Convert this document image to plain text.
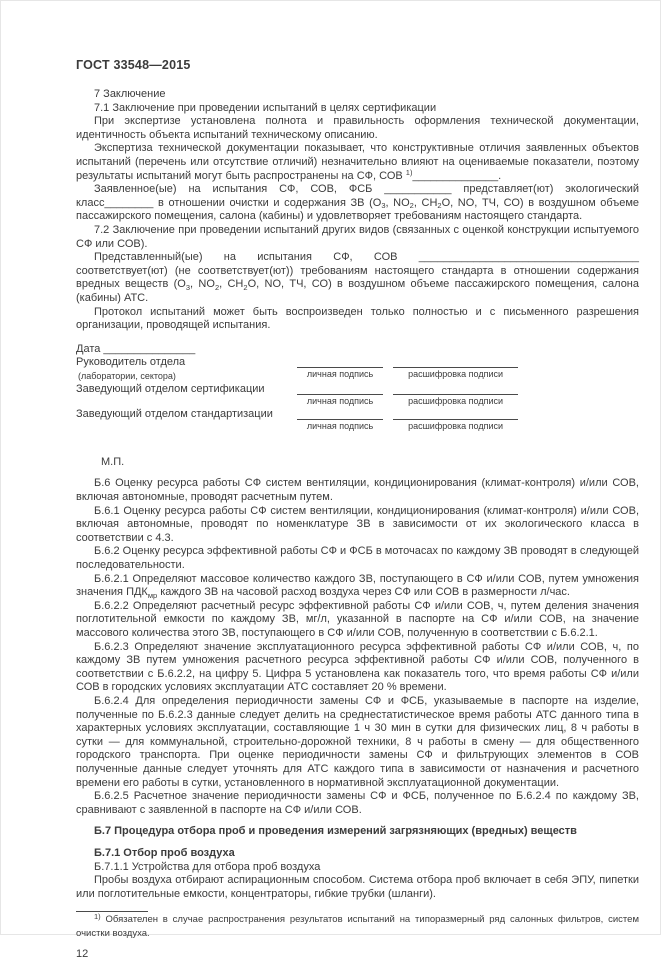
ГОСТ 33548—2015

7 Заключение

7.1 Заключение при проведении испытаний в целях сертификации

При экспертизе установлена полнота и правильность оформления технической документации, идентичность объекта испытаний техническому описанию.

Экспертиза технической документации показывает, что конструктивные отличия заявленных объектов испытаний (перечень или отсутствие отличий) незначительно влияют на оцениваемые показатели, поэтому результаты испытаний могут быть распространены на СФ, СОВ $^{1)}$______________.

Заявленное(ые) на испытания СФ, СОВ, ФСБ ___________ представляет(ют) экологический класс________ в отношении очистки и содержания ЗВ ($О_3$, $NO_2$, $СН_2О$, NO, ТЧ, СО) в воздушном объеме пассажирского помещения, салона (кабины) и удовлетворяет требованиям настоящего стандарта.

7.2 Заключение при проведении испытаний других видов (связанных с оценкой конструкции испытуемого СФ или СОВ).

Представленный(ые) на испытания СФ, СОВ ____________________________________ соответствует(ют) (не соответствует(ют)) требованиям настоящего стандарта в отношении содержания вредных веществ ($О_3$, $NO_2$, $СН_2О$, NO, ТЧ, СО) в воздушном объеме пассажирского помещения, салона (кабины) АТС.

Протокол испытаний может быть воспроизведен только полностью и с письменного разрешения организации, проводящей испытания.

Дата _______________
Руководитель отдела
(лаборатории, сектора)	личная подпись	расшифровка подписи
Заведующий отделом сертификации
личная подпись	расшифровка подписи
Заведующий отделом стандартизации
личная подпись	расшифровка подписи

М.П.

Б.6 Оценку ресурса работы СФ систем вентиляции, кондиционирования (климат-контроля) и/или СОВ, включая автономные, проводят расчетным путем.

Б.6.1 Оценку ресурса работы СФ систем вентиляции, кондиционирования (климат-контроля) и/или СОВ, включая автономные, проводят по номенклатуре ЗВ в зависимости от их экологического класса в соответствии с 4.3.

Б.6.2 Оценку ресурса эффективной работы СФ и ФСБ в моточасах по каждому ЗВ проводят в следующей последовательности.

Б.6.2.1 Определяют массовое количество каждого ЗВ, поступающего в СФ и/или СОВ, путем умножения значения $ПДК_{мр}$ каждого ЗВ на часовой расход воздуха через СФ или СОВ в размерности л/час.

Б.6.2.2 Определяют расчетный ресурс эффективной работы СФ и/или СОВ, ч, путем деления значения поглотительной емкости по каждому ЗВ, мг/л, указанной в паспорте на СФ и/или СОВ, на значение массового количества этого ЗВ, поступающего в СФ и/или СОВ, полученную в соответствии с Б.6.2.1.

Б.6.2.3 Определяют значение эксплуатационного ресурса эффективной работы СФ и/или СОВ, ч, по каждому ЗВ путем умножения расчетного ресурса эффективной работы СФ и/или СОВ, полученного в соответствии с Б.6.2.2, на цифру 5. Цифра 5 установлена как показатель того, что время работы СФ и/или СОВ в городских условиях эксплуатации АТС составляет 20 % времени.

Б.6.2.4 Для определения периодичности замены СФ и ФСБ, указываемые в паспорте на изделие, полученные по Б.6.2.3 данные следует делить на среднестатистическое время работы АТС данного типа в характерных условиях эксплуатации, составляющие 1 ч 30 мин в сутки для физических лиц, 8 ч работы в сутки — для коммунальной, строительно-дорожной техники, 8 ч работы в смену — для общественного городского транспорта. При оценке периодичности замены СФ и фильтрующих элементов в СОВ полученные данные следует уточнять для АТС каждого типа в зависимости от назначения и расчетного времени его работы в сутки, установленного в нормативной эксплуатационной документации.

Б.6.2.5 Расчетное значение периодичности замены СФ и ФСБ, полученное по Б.6.2.4 по каждому ЗВ, сравнивают с заявленной в паспорте на СФ и/или СОВ.

Б.7 Процедура отбора проб и проведения измерений загрязняющих (вредных) веществ

Б.7.1 Отбор проб воздуха

Б.7.1.1 Устройства для отбора проб воздуха

Пробы воздуха отбирают аспирационным способом. Система отбора проб включает в себя ЭПУ, пипетки или поглотительные емкости, концентраторы, гибкие трубки (шланги).

$^{1)}$ Обязателен в случае распространения результатов испытаний на типоразмерный ряд салонных фильтров, систем очистки воздуха.

12
